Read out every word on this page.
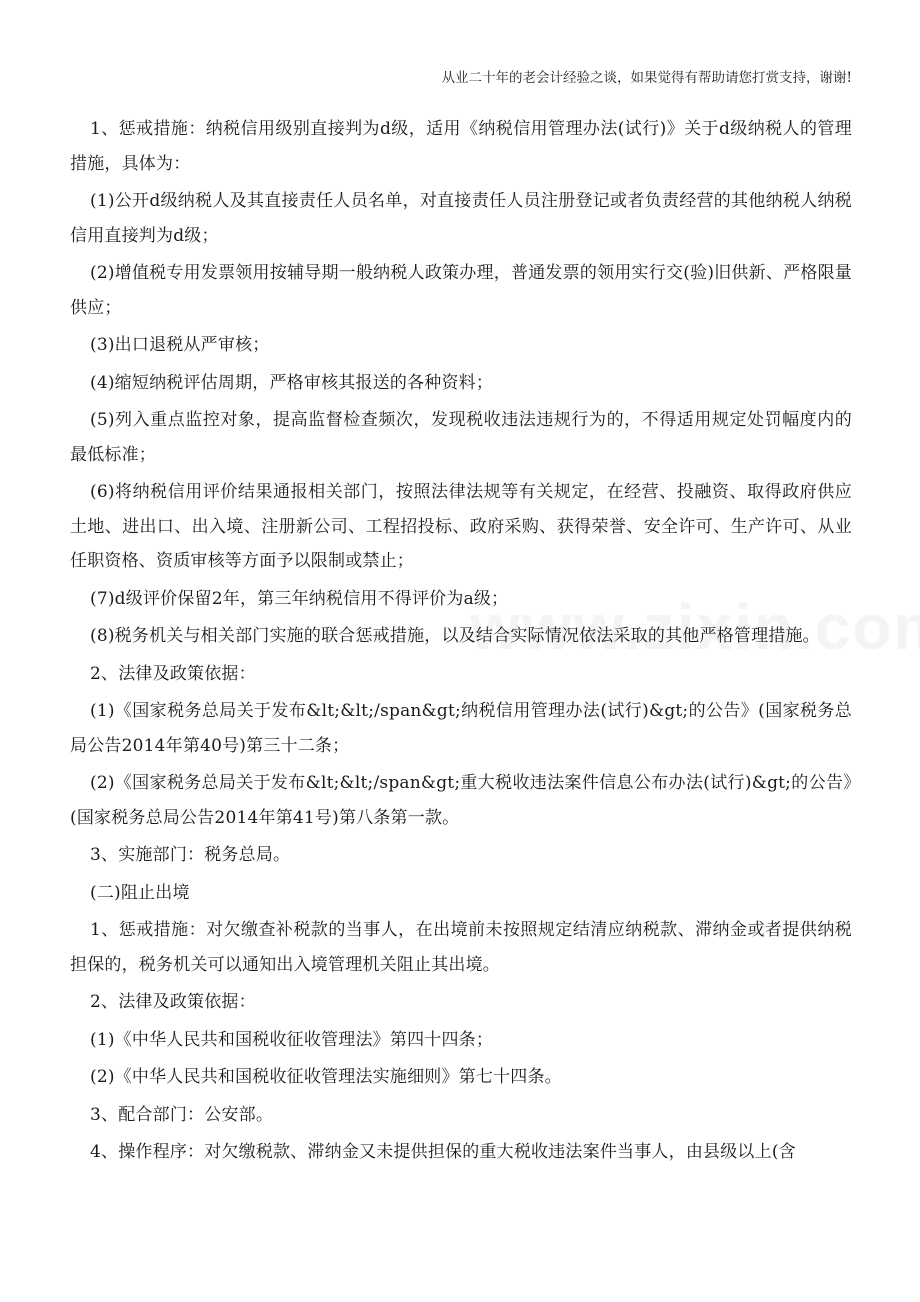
从业二十年的老会计经验之谈，如果觉得有帮助请您打赏支持，谢谢!

1、惩戒措施：纳税信用级别直接判为d级，适用《纳税信用管理办法(试行)》关于d级纳税人的管理措施，具体为：

(1)公开d级纳税人及其直接责任人员名单，对直接责任人员注册登记或者负责经营的其他纳税人纳税信用直接判为d级；

(2)增值税专用发票领用按辅导期一般纳税人政策办理，普通发票的领用实行交(验)旧供新、严格限量供应；

(3)出口退税从严审核；

(4)缩短纳税评估周期，严格审核其报送的各种资料；

(5)列入重点监控对象，提高监督检查频次，发现税收违法违规行为的，不得适用规定处罚幅度内的最低标准；

(6)将纳税信用评价结果通报相关部门，按照法律法规等有关规定，在经营、投融资、取得政府供应土地、进出口、出入境、注册新公司、工程招投标、政府采购、获得荣誉、安全许可、生产许可、从业任职资格、资质审核等方面予以限制或禁止；

(7)d级评价保留2年，第三年纳税信用不得评价为a级；

(8)税务机关与相关部门实施的联合惩戒措施，以及结合实际情况依法采取的其他严格管理措施。

2、法律及政策依据：

(1)《国家税务总局关于发布&lt;&lt;/span&gt;纳税信用管理办法(试行)&gt;的公告》(国家税务总局公告2014年第40号)第三十二条；

(2)《国家税务总局关于发布&lt;&lt;/span&gt;重大税收违法案件信息公布办法(试行)&gt;的公告》(国家税务总局公告2014年第41号)第八条第一款。

3、实施部门：税务总局。

(二)阻止出境

1、惩戒措施：对欠缴查补税款的当事人，在出境前未按照规定结清应纳税款、滞纳金或者提供纳税担保的，税务机关可以通知出入境管理机关阻止其出境。

2、法律及政策依据：

(1)《中华人民共和国税收征收管理法》第四十四条；

(2)《中华人民共和国税收征收管理法实施细则》第七十四条。

3、配合部门：公安部。

4、操作程序：对欠缴税款、滞纳金又未提供担保的重大税收违法案件当事人，由县级以上(含
